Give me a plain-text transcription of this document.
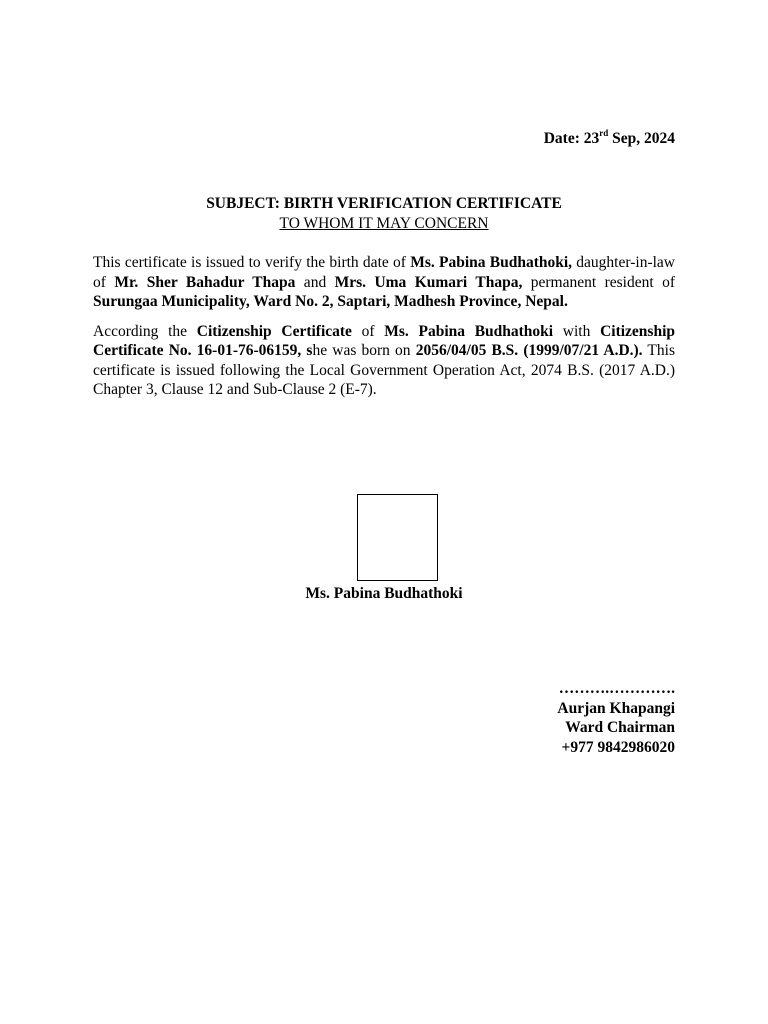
Date: 23rd Sep, 2024
SUBJECT: BIRTH VERIFICATION CERTIFICATE
TO WHOM IT MAY CONCERN

This certificate is issued to verify the birth date of Ms. Pabina Budhathoki, daughter-in-law of Mr. Sher Bahadur Thapa and Mrs. Uma Kumari Thapa, permanent resident of Surungaa Municipality, Ward No. 2, Saptari, Madhesh Province, Nepal.

According the Citizenship Certificate of Ms. Pabina Budhathoki with Citizenship Certificate No. 16-01-76-06159, she was born on 2056/04/05 B.S. (1999/07/21 A.D.). This certificate is issued following the Local Government Operation Act, 2074 B.S. (2017 A.D.) Chapter 3, Clause 12 and Sub-Clause 2 (E-7).

Ms. Pabina Budhathoki
……….………….
Aurjan Khapangi
Ward Chairman
+977 9842986020
